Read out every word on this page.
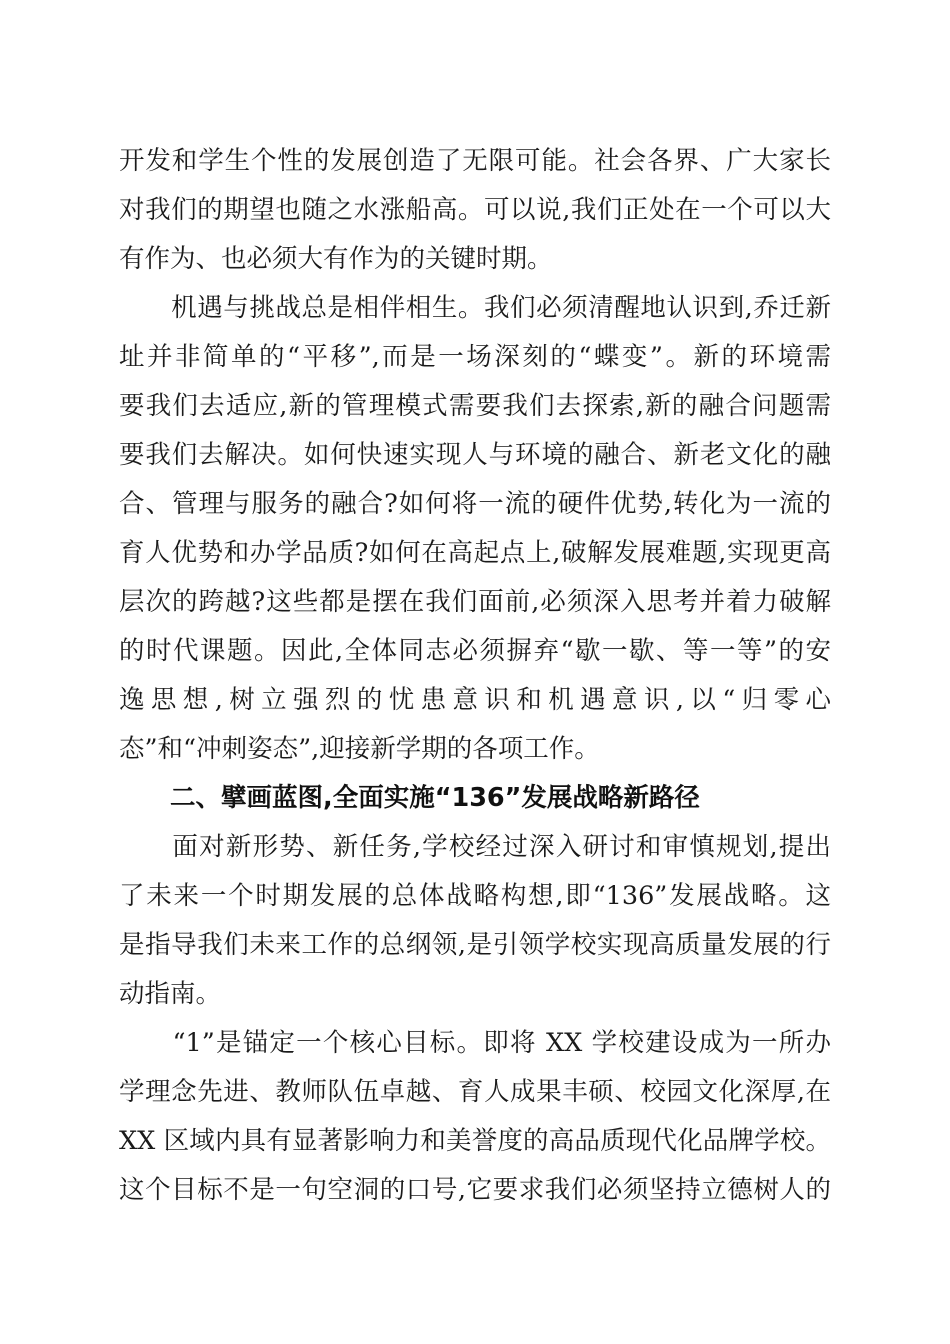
开发和学生个性的发展创造了无限可能。社会各界、广大家长
对我们的期望也随之水涨船高。可以说,我们正处在一个可以大
有作为、也必须大有作为的关键时期。
　　机遇与挑战总是相伴相生。我们必须清醒地认识到,乔迁新
址并非简单的“平移”,而是一场深刻的“蝶变”。新的环境需
要我们去适应,新的管理模式需要我们去探索,新的融合问题需
要我们去解决。如何快速实现人与环境的融合、新老文化的融
合、管理与服务的融合?如何将一流的硬件优势,转化为一流的
育人优势和办学品质?如何在高起点上,破解发展难题,实现更高
层次的跨越?这些都是摆在我们面前,必须深入思考并着力破解
的时代课题。因此,全体同志必须摒弃“歇一歇、等一等”的安
逸思想,树立强烈的忧患意识和机遇意识,以“归零心
态”和“冲刺姿态”,迎接新学期的各项工作。
　　二、擘画蓝图,全面实施“136”发展战略新路径
　　面对新形势、新任务,学校经过深入研讨和审慎规划,提出
了未来一个时期发展的总体战略构想,即“136”发展战略。这
是指导我们未来工作的总纲领,是引领学校实现高质量发展的行
动指南。
　　“1”是锚定一个核心目标。即将 XX 学校建设成为一所办
学理念先进、教师队伍卓越、育人成果丰硕、校园文化深厚,在
XX 区域内具有显著影响力和美誉度的高品质现代化品牌学校。
这个目标不是一句空洞的口号,它要求我们必须坚持立德树人的
